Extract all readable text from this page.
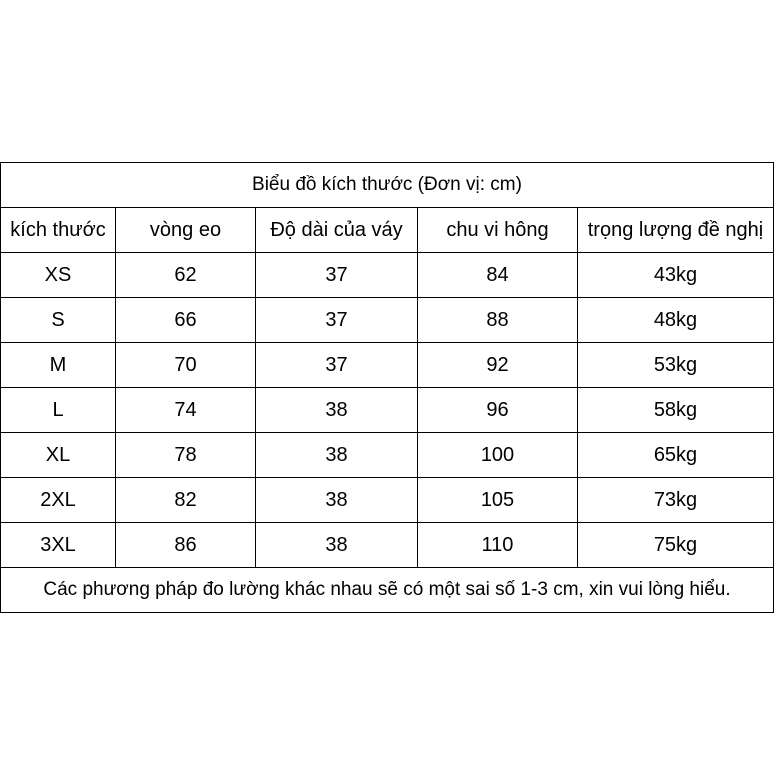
Biểu đồ kích thước (Đơn vị: cm)				
kích thước	vòng eo	Độ dài của váy	chu vi hông	trọng lượng đề nghị
XS	62	37	84	43kg
S	66	37	88	48kg
M	70	37	92	53kg
L	74	38	96	58kg
XL	78	38	100	65kg
2XL	82	38	105	73kg
3XL	86	38	110	75kg
Các phương pháp đo lường khác nhau sẽ có một sai số 1-3 cm, xin vui lòng hiểu.				
